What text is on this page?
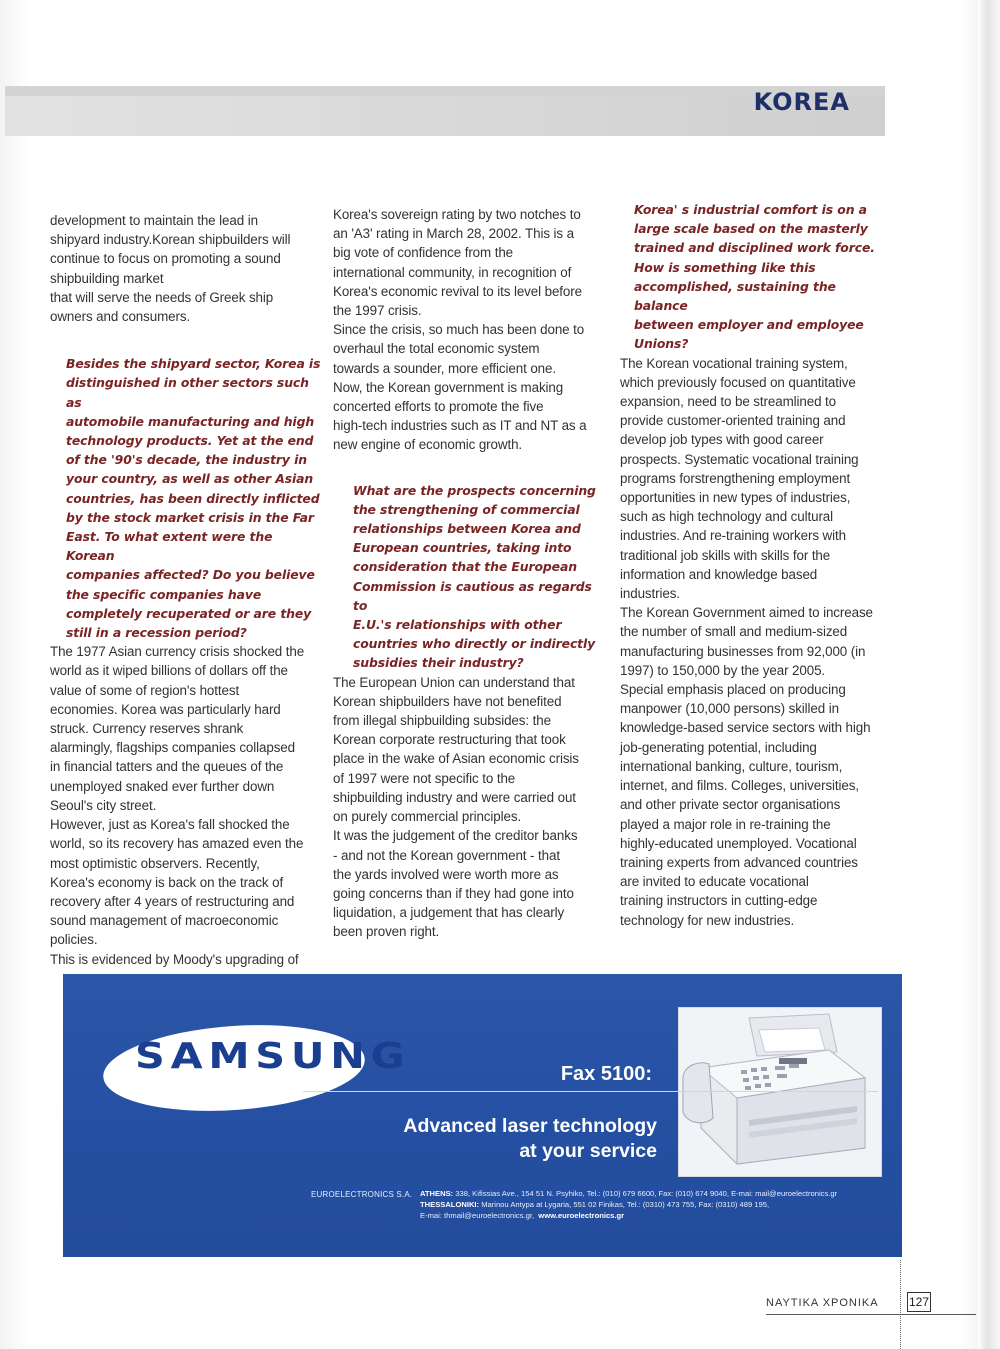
KOREA

development to maintain the lead in
shipyard industry.Korean shipbuilders will
continue to focus on promoting a sound
shipbuilding market
that will serve the needs of Greek ship
owners and consumers.

Besides the shipyard sector, Korea is
distinguished in other sectors such as
automobile manufacturing and high
technology products. Yet at the end
of the '90's decade, the industry in
your country, as well as other Asian
countries, has been directly inflicted
by the stock market crisis in the Far
East. To what extent were the Korean
companies affected? Do you believe
the specific companies have
completely recuperated or are they
still in a recession period?

The 1977 Asian currency crisis shocked the
world as it wiped billions of dollars off the
value of some of region's hottest
economies. Korea was particularly hard
struck. Currency reserves shrank
alarmingly, flagships companies collapsed
in financial tatters and the queues of the
unemployed snaked ever further down
Seoul's city street.

However, just as Korea's fall shocked the
world, so its recovery has amazed even the
most optimistic observers. Recently,
Korea's economy is back on the track of
recovery after 4 years of restructuring and
sound management of macroeconomic
policies.

This is evidenced by Moody's upgrading of

Korea's sovereign rating by two notches to
an 'A3' rating in March 28, 2002. This is a
big vote of confidence from the
international community, in recognition of
Korea's economic revival to its level before
the 1997 crisis.

Since the crisis, so much has been done to
overhaul the total economic system
towards a sounder, more efficient one.
Now, the Korean government is making
concerted efforts to promote the five
high-tech industries such as IT and NT as a
new engine of economic growth.

What are the prospects concerning
the strengthening of commercial
relationships between Korea and
European countries, taking into
consideration that the European
Commission is cautious as regards to
E.U.'s relationships with other
countries who directly or indirectly
subsidies their industry?

The European Union can understand that
Korean shipbuilders have not benefited
from illegal shipbuilding subsides: the
Korean corporate restructuring that took
place in the wake of Asian economic crisis
of 1997 were not specific to the
shipbuilding industry and were carried out
on purely commercial principles.

It was the judgement of the creditor banks
- and not the Korean government - that
the yards involved were worth more as
going concerns than if they had gone into
liquidation, a judgement that has clearly
been proven right.

Korea' s industrial comfort is on a
large scale based on the masterly
trained and disciplined work force.
How is something like this
accomplished, sustaining the balance
between employer and employee
Unions?

The Korean vocational training system,
which previously focused on quantitative
expansion, need to be streamlined to
provide customer-oriented training and
develop job types with good career
prospects. Systematic vocational training
programs forstrengthening employment
opportunities in new types of industries,
such as high technology and cultural
industries. And re-training workers with
traditional job skills with skills for the
information and knowledge based
industries.

The Korean Government aimed to increase
the number of small and medium-sized
manufacturing businesses from 92,000 (in
1997) to 150,000 by the year 2005.
Special emphasis placed on producing
manpower (10,000 persons) skilled in
knowledge-based service sectors with high
job-generating potential, including
international banking, culture, tourism,
internet, and films. Colleges, universities,
and other private sector organisations
played a major role in re-training the
highly-educated unemployed. Vocational
training experts from advanced countries
are invited to educate vocational
training instructors in cutting-edge
technology for new industries.

SAMSUNG	Fax 5100:
Advanced laser technology
at your service
EUROELECTRONICS S.A. ATHENS: 338, Kifissias Ave., 154 51 N. Psyhiko, Tel.: (010) 679 6600, Fax: (010) 674 9040, E-mai: mail@euroelectronics.gr
THESSALONIKI: Marinou Antypa at Lygaria, 551 02 Finikas, Tel.: (0310) 473 755, Fax: (0310) 489 195,
E-mai: thmail@euroelectronics.gr, www.euroelectronics.gr
ΝΑΥΤΙΚΑ ΧΡΟΝΙΚΑ	127
